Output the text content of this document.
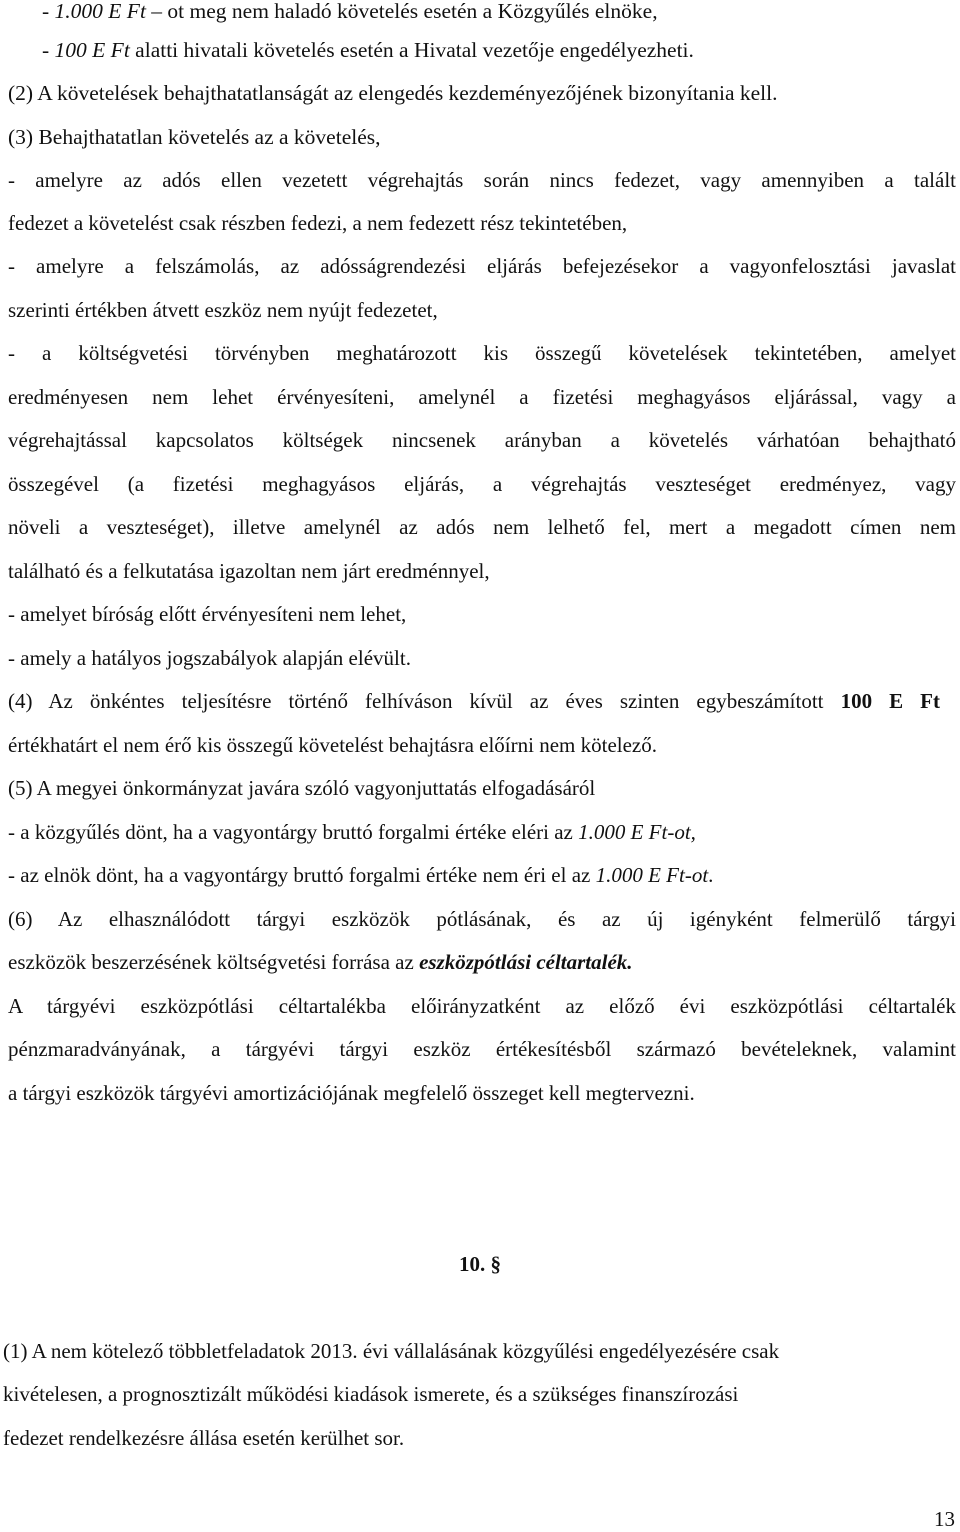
- 1.000 E Ft – ot meg nem haladó követelés esetén a Közgyűlés elnöke,
- 100 E Ft alatti hivatali követelés esetén a Hivatal vezetője engedélyezheti.
(2) A követelések behajthatatlanságát az elengedés kezdeményezőjének bizonyítania kell.
(3) Behajthatatlan követelés az a követelés,
- amelyre az adós ellen vezetett végrehajtás során nincs fedezet, vagy amennyiben a talált
fedezet a követelést csak részben fedezi, a nem fedezett rész tekintetében,
- amelyre a felszámolás, az adósságrendezési eljárás befejezésekor a vagyonfelosztási javaslat
szerinti értékben átvett eszköz nem nyújt fedezetet,
- a költségvetési törvényben meghatározott kis összegű követelések tekintetében, amelyet
eredményesen nem lehet érvényesíteni, amelynél a fizetési meghagyásos eljárással, vagy a
végrehajtással kapcsolatos költségek nincsenek arányban a követelés várhatóan behajtható
összegével (a fizetési meghagyásos eljárás, a végrehajtás veszteséget eredményez, vagy
növeli a veszteséget), illetve amelynél az adós nem lelhető fel, mert a megadott címen nem
található és a felkutatása igazoltan nem járt eredménnyel,
- amelyet bíróság előtt érvényesíteni nem lehet,
- amely a hatályos jogszabályok alapján elévült.
(4) Az önkéntes teljesítésre történő felhíváson kívül az éves szinten egybeszámított 100 E Ft
értékhatárt el nem érő kis összegű követelést behajtásra előírni nem kötelező.
(5) A megyei önkormányzat javára szóló vagyonjuttatás elfogadásáról
- a közgyűlés dönt, ha a vagyontárgy bruttó forgalmi értéke eléri az 1.000 E Ft-ot,
- az elnök dönt, ha a vagyontárgy bruttó forgalmi értéke nem éri el az 1.000 E Ft-ot.
(6) Az elhasználódott tárgyi eszközök pótlásának, és az új igényként felmerülő tárgyi
eszközök beszerzésének költségvetési forrása az eszközpótlási céltartalék.
A tárgyévi eszközpótlási céltartalékba előirányzatként az előző évi eszközpótlási céltartalék
pénzmaradványának, a tárgyévi tárgyi eszköz értékesítésből származó bevételeknek, valamint
a tárgyi eszközök tárgyévi amortizációjának megfelelő összeget kell megtervezni.
10. §
(1) A nem kötelező többletfeladatok 2013. évi vállalásának közgyűlési engedélyezésére csak
kivételesen, a prognosztizált működési kiadások ismerete, és a szükséges finanszírozási
fedezet rendelkezésre állása esetén kerülhet sor.
13
